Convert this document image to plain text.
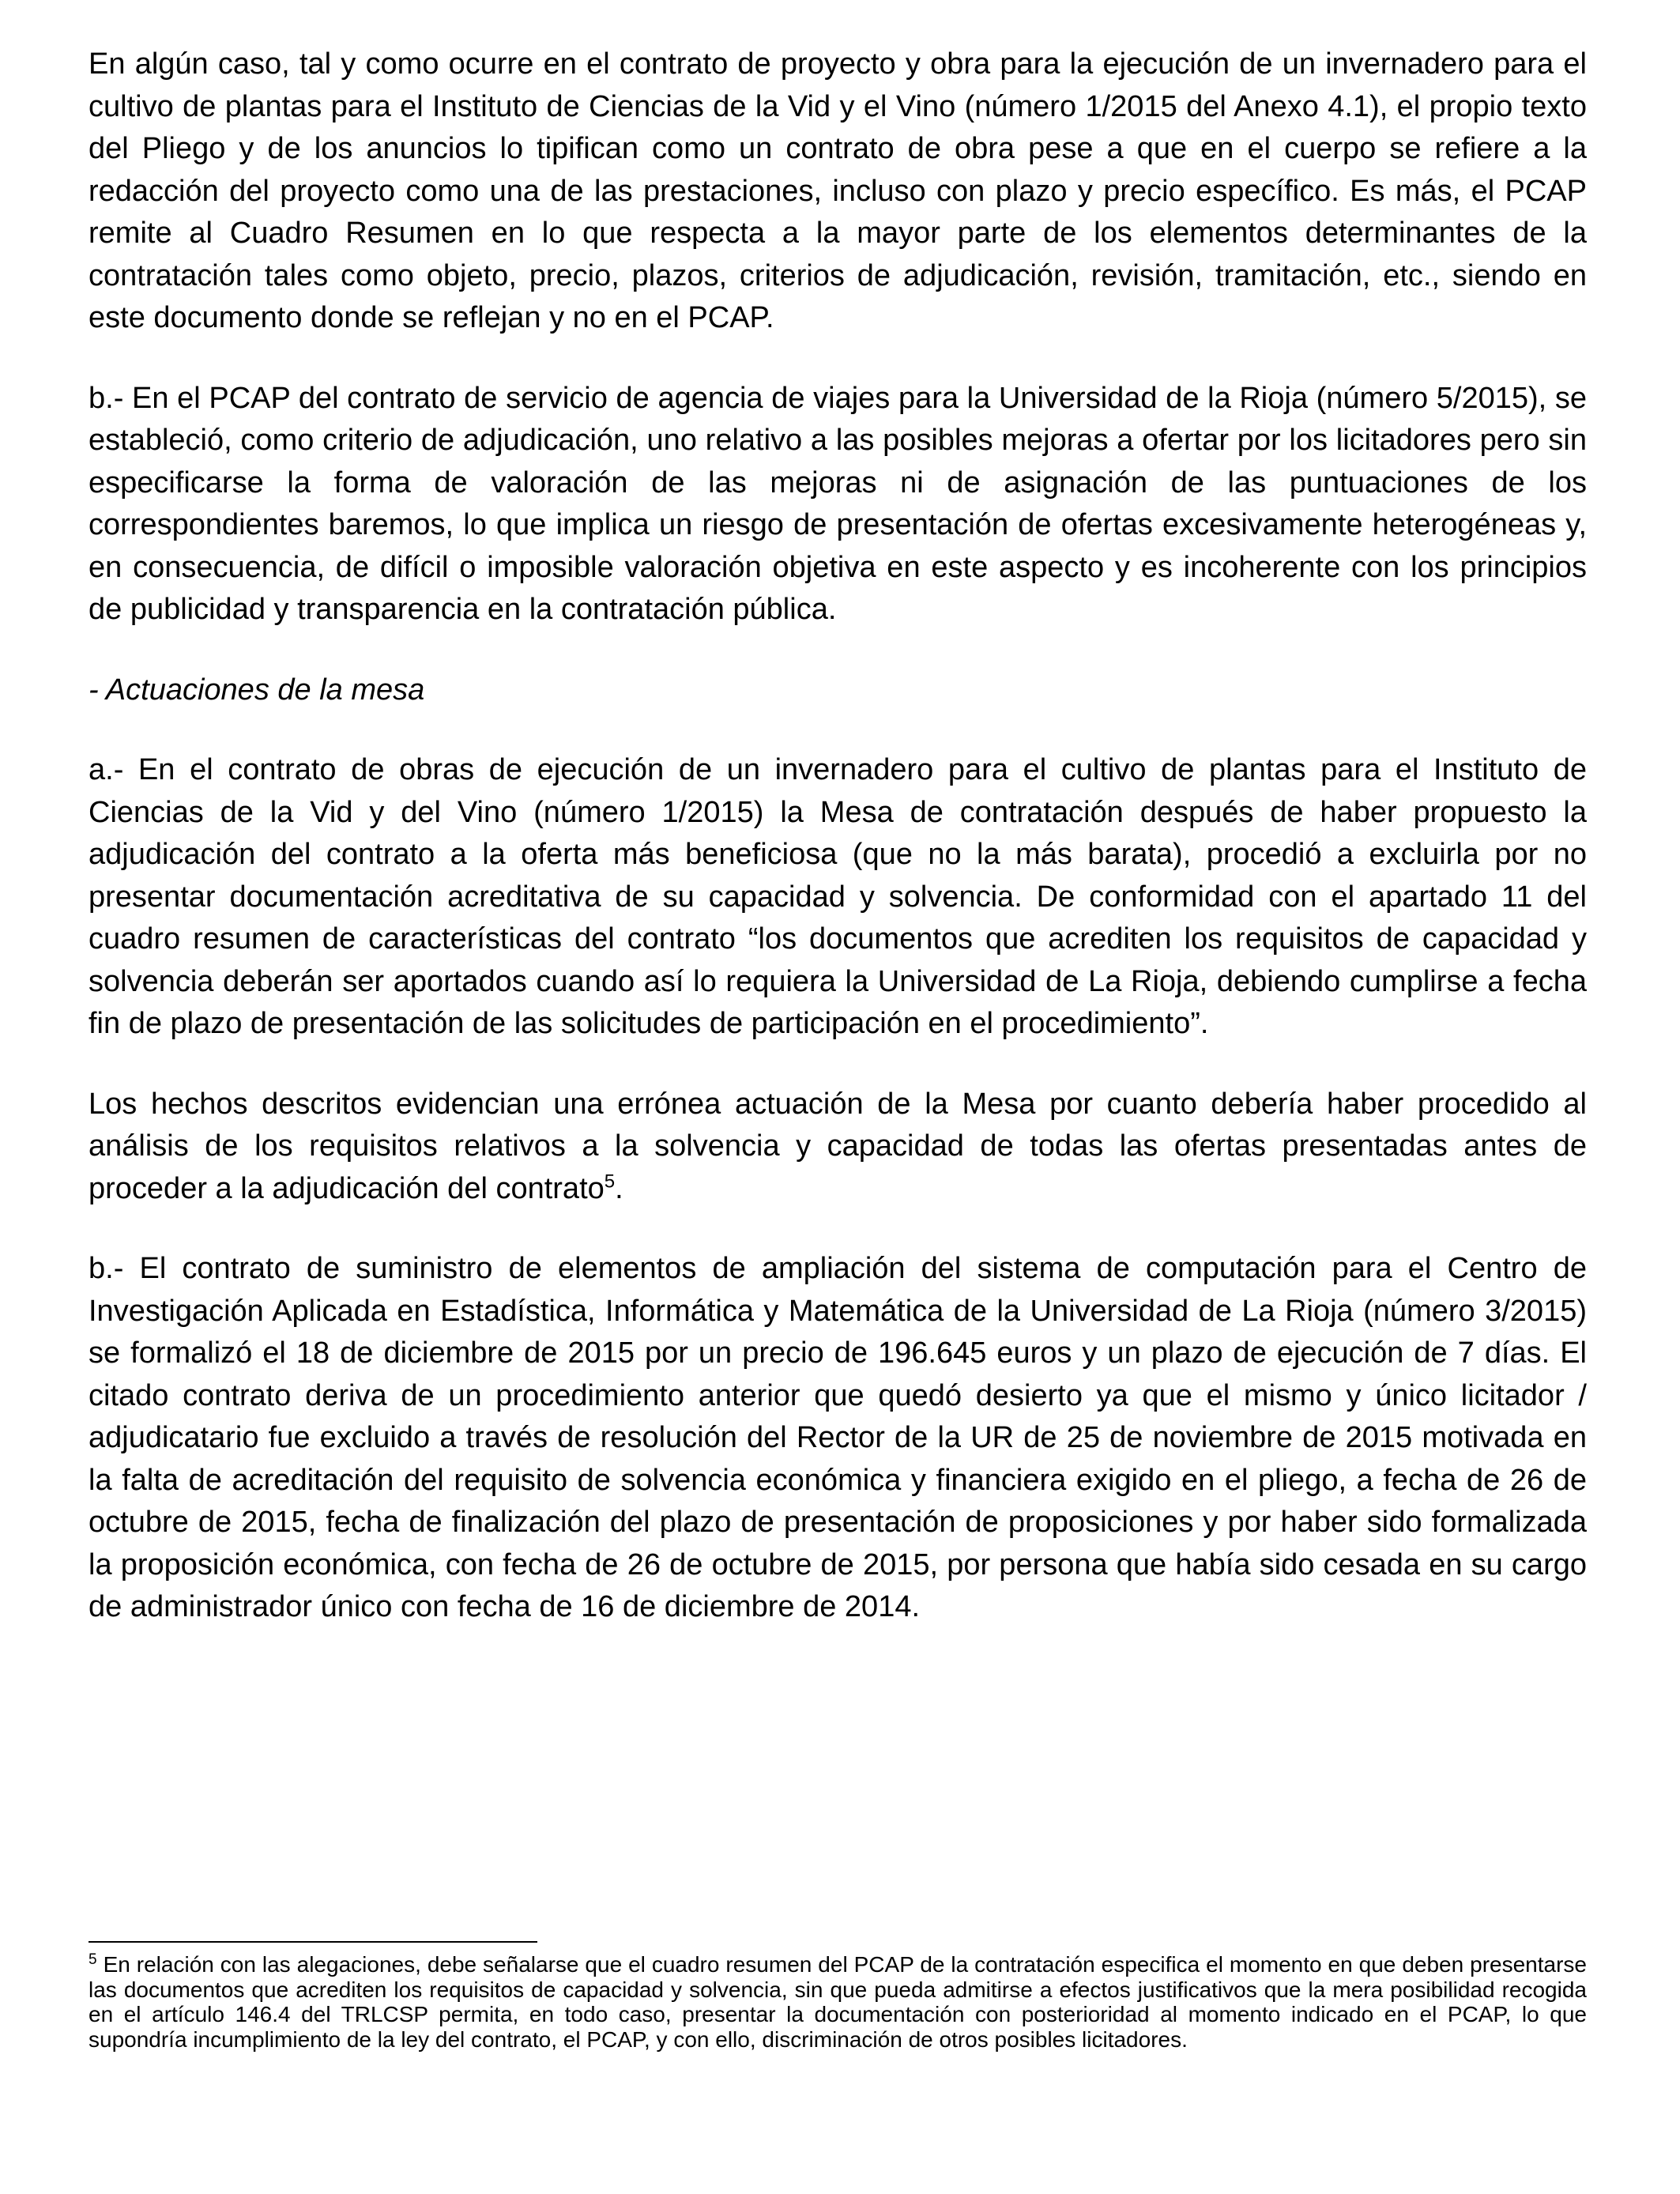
En algún caso, tal y como ocurre en el contrato de proyecto y obra para la ejecución de un invernadero para el cultivo de plantas para el Instituto de Ciencias de la Vid y el Vino (número 1/2015 del Anexo 4.1), el propio texto del Pliego y de los anuncios lo tipifican como un contrato de obra pese a que en el cuerpo se refiere a la redacción del proyecto como una de las prestaciones, incluso con plazo y precio específico. Es más, el PCAP remite al Cuadro Resumen en lo que respecta a la mayor parte de los elementos determinantes de la contratación tales como objeto, precio, plazos, criterios de adjudicación, revisión, tramitación, etc., siendo en este documento donde se reflejan y no en el PCAP.

b.- En el PCAP del contrato de servicio de agencia de viajes para la Universidad de la Rioja (número 5/2015), se estableció, como criterio de adjudicación, uno relativo a las posibles mejoras a ofertar por los licitadores pero sin especificarse la forma de valoración de las mejoras ni de asignación de las puntuaciones de los correspondientes baremos, lo que implica un riesgo de presentación de ofertas excesivamente heterogéneas y, en consecuencia, de difícil o imposible valoración objetiva en este aspecto y es incoherente con los principios de publicidad y transparencia en la contratación pública.

- Actuaciones de la mesa

a.- En el contrato de obras de ejecución de un invernadero para el cultivo de plantas para el Instituto de Ciencias de la Vid y del Vino (número 1/2015) la Mesa de contratación después de haber propuesto la adjudicación del contrato a la oferta más beneficiosa (que no la más barata), procedió a excluirla por no presentar documentación acreditativa de su capacidad y solvencia. De conformidad con el apartado 11 del cuadro resumen de características del contrato “los documentos que acrediten los requisitos de capacidad y solvencia deberán ser aportados cuando así lo requiera la Universidad de La Rioja, debiendo cumplirse a fecha fin de plazo de presentación de las solicitudes de participación en el procedimiento”.

Los hechos descritos evidencian una errónea actuación de la Mesa por cuanto debería haber procedido al análisis de los requisitos relativos a la solvencia y capacidad de todas las ofertas presentadas antes de proceder a la adjudicación del contrato$^5$.

b.- El contrato de suministro de elementos de ampliación del sistema de computación para el Centro de Investigación Aplicada en Estadística, Informática y Matemática de la Universidad de La Rioja (número 3/2015) se formalizó el 18 de diciembre de 2015 por un precio de 196.645 euros y un plazo de ejecución de 7 días. El citado contrato deriva de un procedimiento anterior que quedó desierto ya que el mismo y único licitador / adjudicatario fue excluido a través de resolución del Rector de la UR de 25 de noviembre de 2015 motivada en la falta de acreditación del requisito de solvencia económica y financiera exigido en el pliego, a fecha de 26 de octubre de 2015, fecha de finalización del plazo de presentación de proposiciones y por haber sido formalizada la proposición económica, con fecha de 26 de octubre de 2015, por persona que había sido cesada en su cargo de administrador único con fecha de 16 de diciembre de 2014.

$^5$ En relación con las alegaciones, debe señalarse que el cuadro resumen del PCAP de la contratación especifica el momento en que deben presentarse las documentos que acrediten los requisitos de capacidad y solvencia, sin que pueda admitirse a efectos justificativos que la mera posibilidad recogida en el artículo 146.4 del TRLCSP permita, en todo caso, presentar la documentación con posterioridad al momento indicado en el PCAP, lo que supondría incumplimiento de la ley del contrato, el PCAP, y con ello, discriminación de otros posibles licitadores.
